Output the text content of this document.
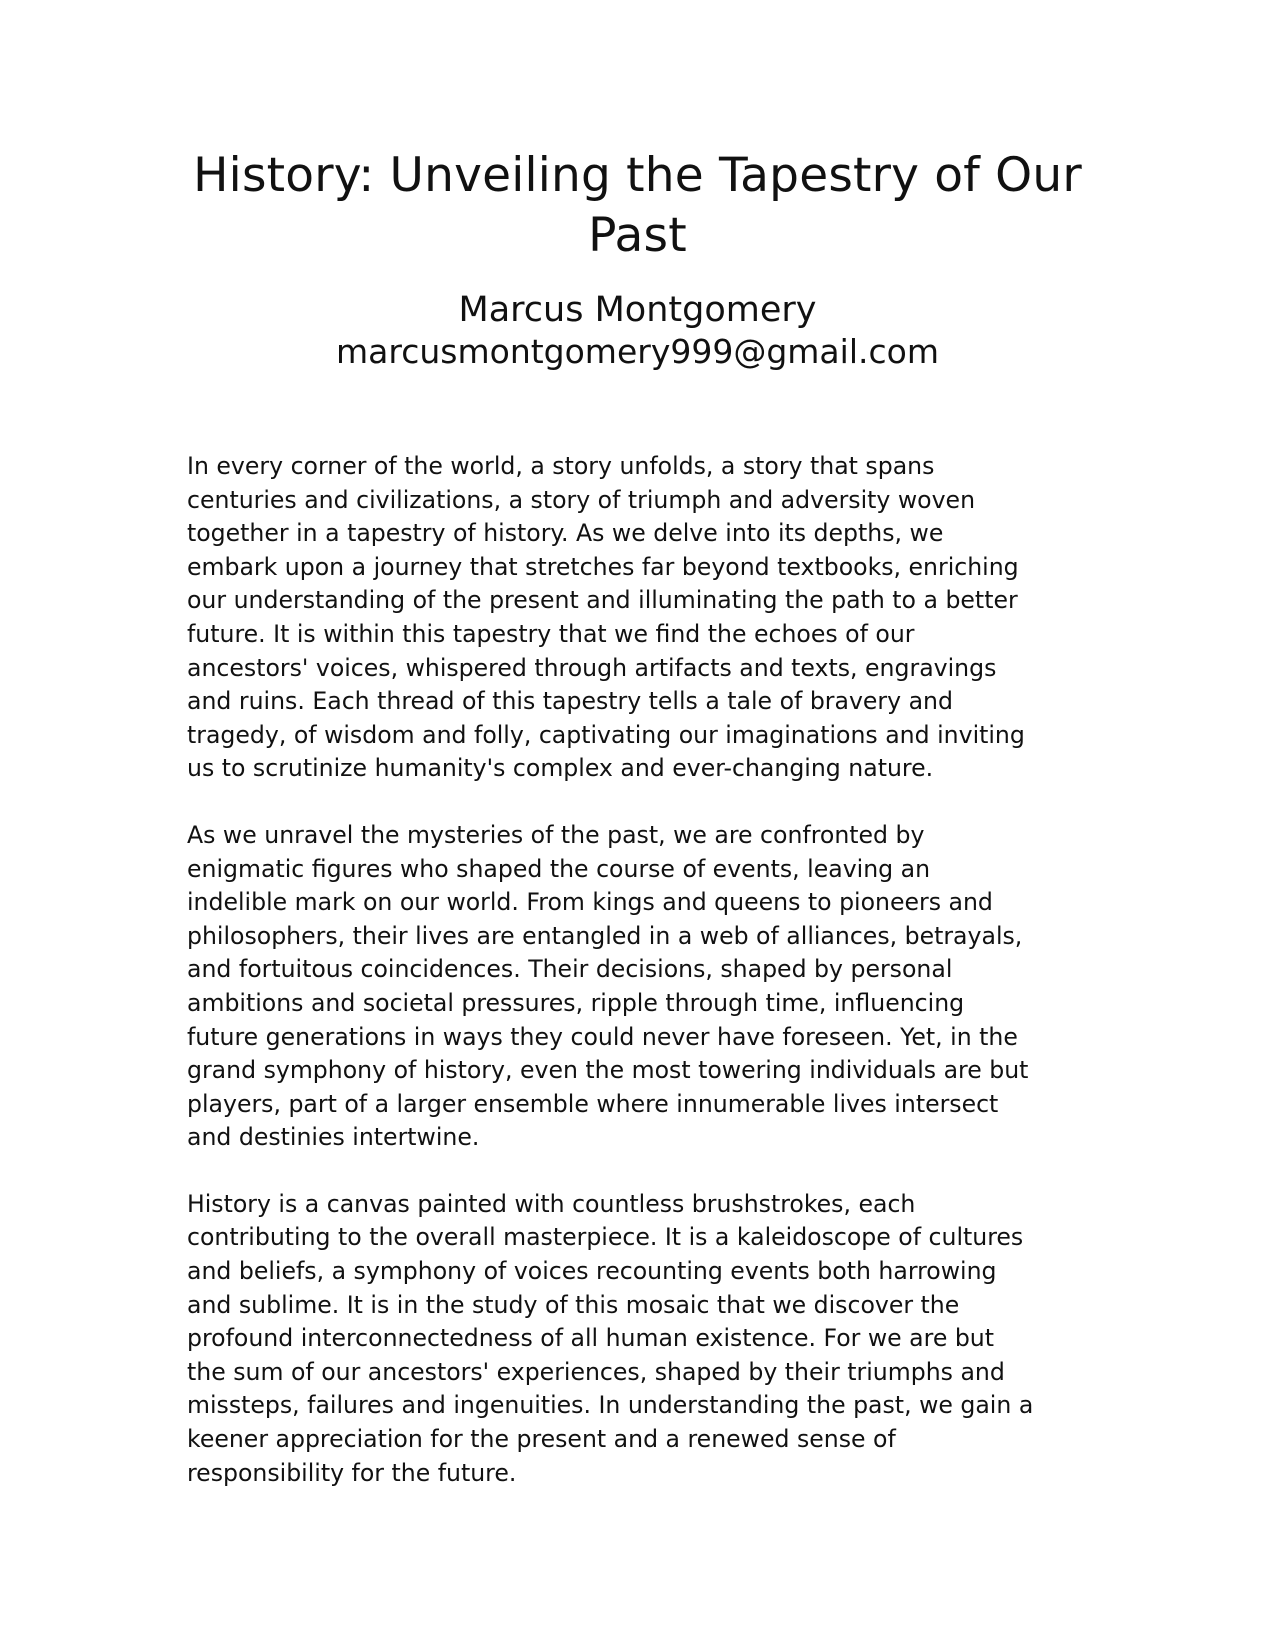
History: Unveiling the Tapestry of Our
Past
Marcus Montgomery
marcusmontgomery999@gmail.com

In every corner of the world, a story unfolds, a story that spans
centuries and civilizations, a story of triumph and adversity woven
together in a tapestry of history. As we delve into its depths, we
embark upon a journey that stretches far beyond textbooks, enriching
our understanding of the present and illuminating the path to a better
future. It is within this tapestry that we find the echoes of our
ancestors' voices, whispered through artifacts and texts, engravings
and ruins. Each thread of this tapestry tells a tale of bravery and
tragedy, of wisdom and folly, captivating our imaginations and inviting
us to scrutinize humanity's complex and ever-changing nature.

As we unravel the mysteries of the past, we are confronted by
enigmatic figures who shaped the course of events, leaving an
indelible mark on our world. From kings and queens to pioneers and
philosophers, their lives are entangled in a web of alliances, betrayals,
and fortuitous coincidences. Their decisions, shaped by personal
ambitions and societal pressures, ripple through time, influencing
future generations in ways they could never have foreseen. Yet, in the
grand symphony of history, even the most towering individuals are but
players, part of a larger ensemble where innumerable lives intersect
and destinies intertwine.

History is a canvas painted with countless brushstrokes, each
contributing to the overall masterpiece. It is a kaleidoscope of cultures
and beliefs, a symphony of voices recounting events both harrowing
and sublime. It is in the study of this mosaic that we discover the
profound interconnectedness of all human existence. For we are but
the sum of our ancestors' experiences, shaped by their triumphs and
missteps, failures and ingenuities. In understanding the past, we gain a
keener appreciation for the present and a renewed sense of
responsibility for the future.
